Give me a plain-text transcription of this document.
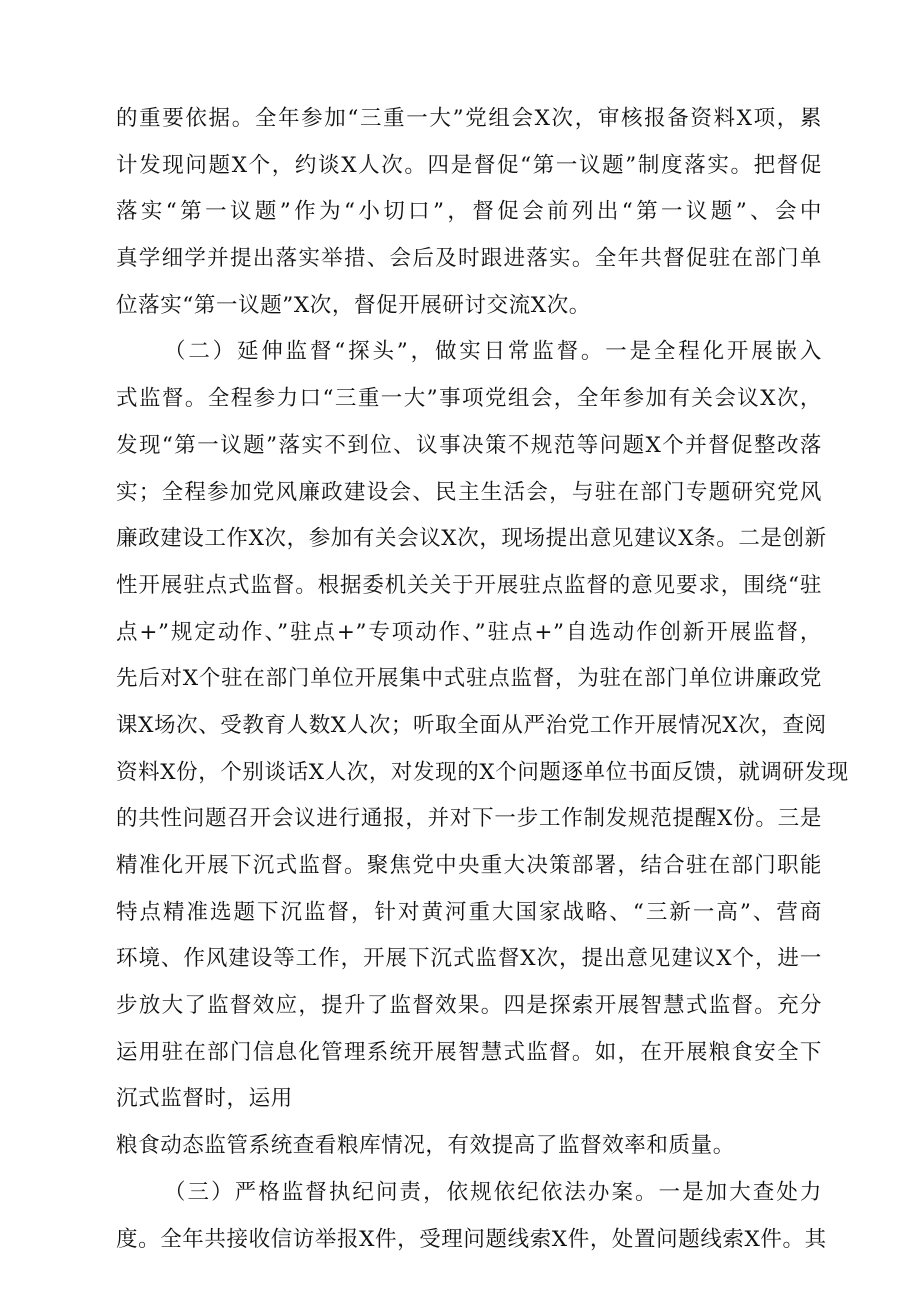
的重要依据。全年参加“三重一大”党组会X次，审核报备资料X项，累
计发现问题X个，约谈X人次。四是督促“第一议题”制度落实。把督促
落实“第一议题”作为“小切口”，督促会前列出“第一议题”、会中
真学细学并提出落实举措、会后及时跟进落实。全年共督促驻在部门单
位落实“第一议题”X次，督促开展研讨交流X次。
（二）延伸监督“探头”，做实日常监督。一是全程化开展嵌入
式监督。全程参力口“三重一大”事项党组会，全年参加有关会议X次，
发现“第一议题”落实不到位、议事决策不规范等问题X个并督促整改落
实；全程参加党风廉政建设会、民主生活会，与驻在部门专题研究党风
廉政建设工作X次，参加有关会议X次，现场提出意见建议X条。二是创新
性开展驻点式监督。根据委机关关于开展驻点监督的意见要求，围绕“驻
点+”规定动作、”驻点+”专项动作、”驻点+”自选动作创新开展监督，
先后对X个驻在部门单位开展集中式驻点监督，为驻在部门单位讲廉政党
课X场次、受教育人数X人次；听取全面从严治党工作开展情况X次，查阅
资料X份，个别谈话X人次，对发现的X个问题逐单位书面反馈，就调研发现
的共性问题召开会议进行通报，并对下一步工作制发规范提醒X份。三是
精准化开展下沉式监督。聚焦党中央重大决策部署，结合驻在部门职能
特点精准选题下沉监督，针对黄河重大国家战略、“三新一高”、营商
环境、作风建设等工作，开展下沉式监督X次，提出意见建议X个，进一
步放大了监督效应，提升了监督效果。四是探索开展智慧式监督。充分
运用驻在部门信息化管理系统开展智慧式监督。如，在开展粮食安全下
沉式监督时，运用
粮食动态监管系统查看粮库情况，有效提高了监督效率和质量。
（三）严格监督执纪问责，依规依纪依法办案。一是加大查处力
度。全年共接收信访举报X件，受理问题线索X件，处置问题线索X件。其
